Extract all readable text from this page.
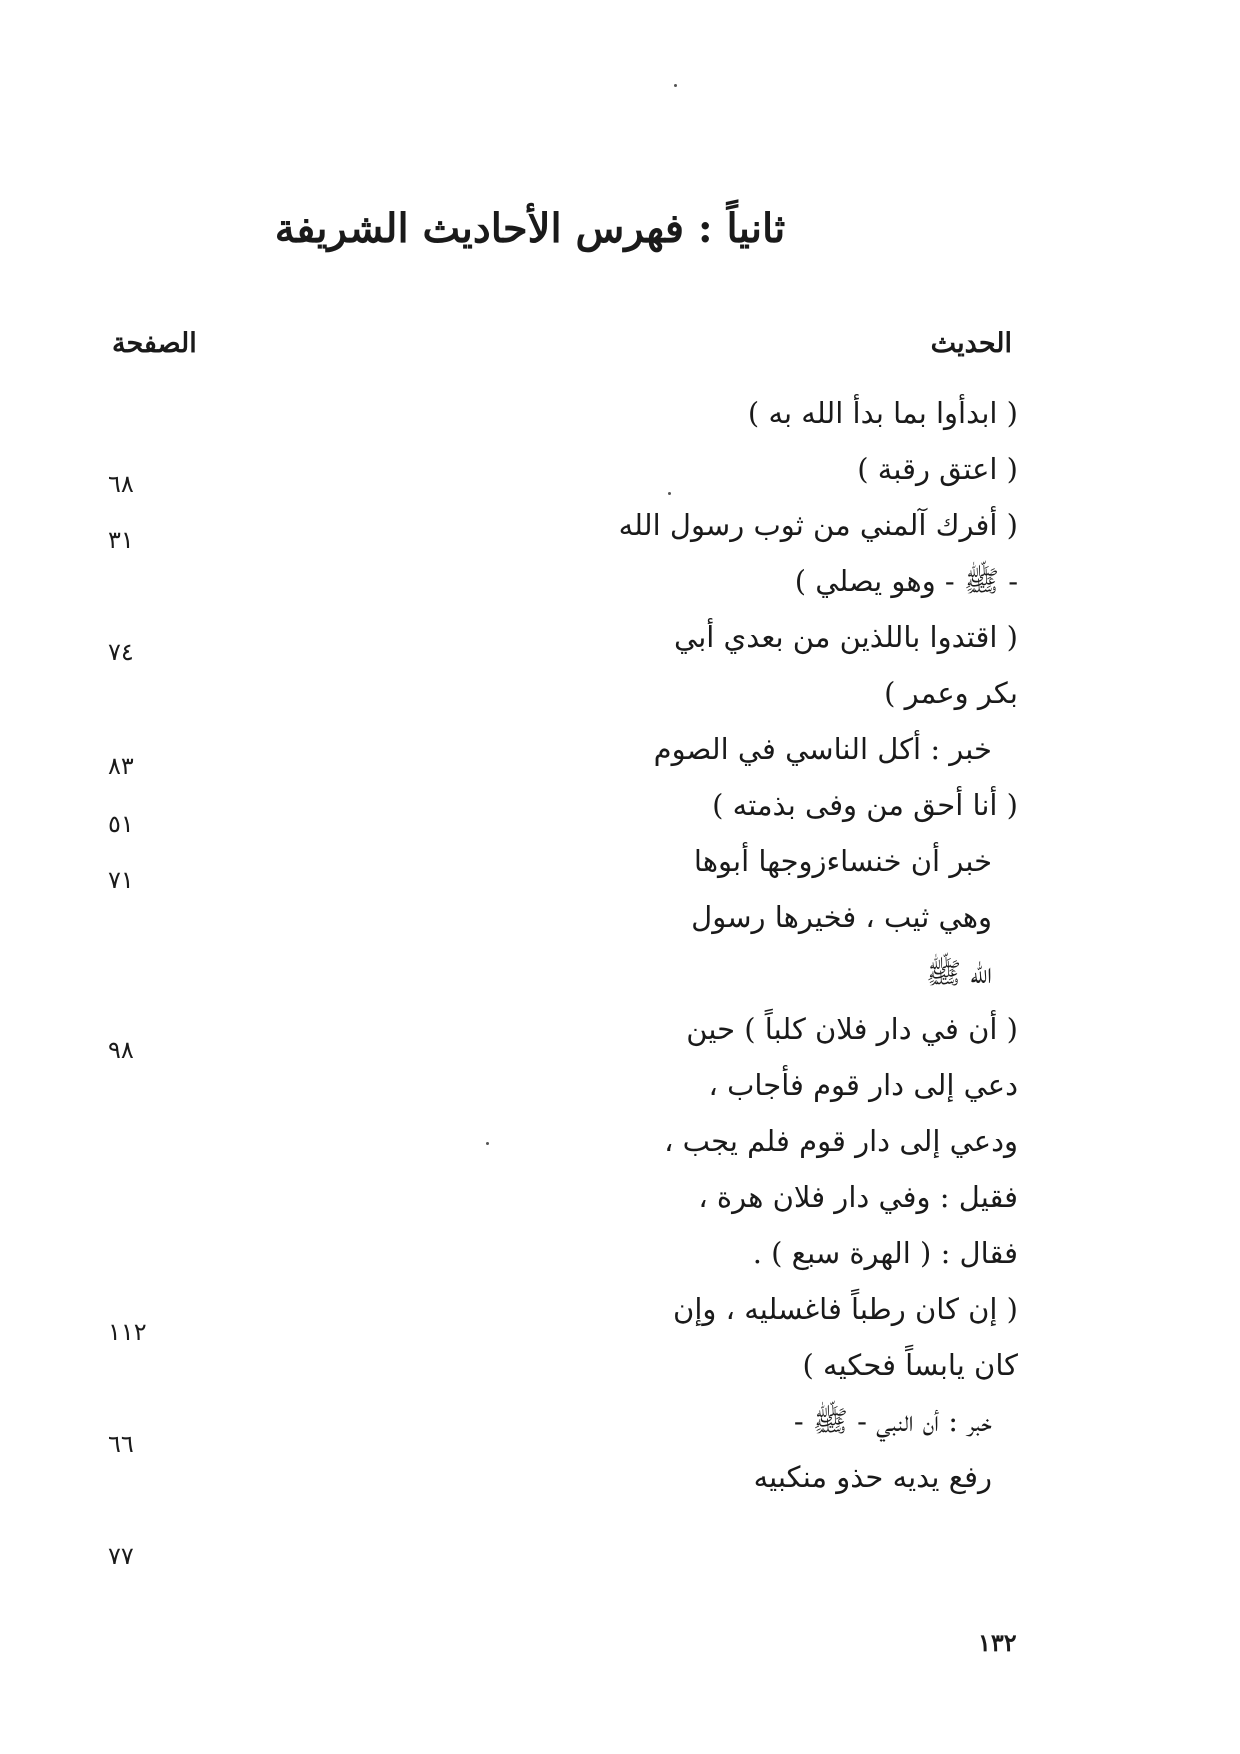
ثانياً : فهرس الأحاديث الشريفة
الحديث
الصفحة
( ابدأوا بما بدأ الله به )
( اعتق رقبة )
( أفرك آلمني من ثوب رسول الله
- ﷺ - وهو يصلي )
( اقتدوا باللذين من بعدي أبي
بكر وعمر )
خبر : أكل الناسي في الصوم
( أنا أحق من وفى بذمته )
خبر أن خنساءزوجها أبوها
وهي ثيب ، فخيرها رسول
الله ﷺ
( أن في دار فلان كلباً ) حين
دعي إلى دار قوم فأجاب ،
ودعي إلى دار قوم فلم يجب ،
فقيل : وفي دار فلان هرة ،
فقال : ( الهرة سبع ) .
( إن كان رطباً فاغسليه ، وإن
كان يابساً فحكيه )
خبر : أن النبي - ﷺ -
رفع يديه حذو منكبيه
٦٨
٣١
٧٤
٨٣
٥١
٧١
٩٨
١١٢
٦٦
٧٧
١٣٢
